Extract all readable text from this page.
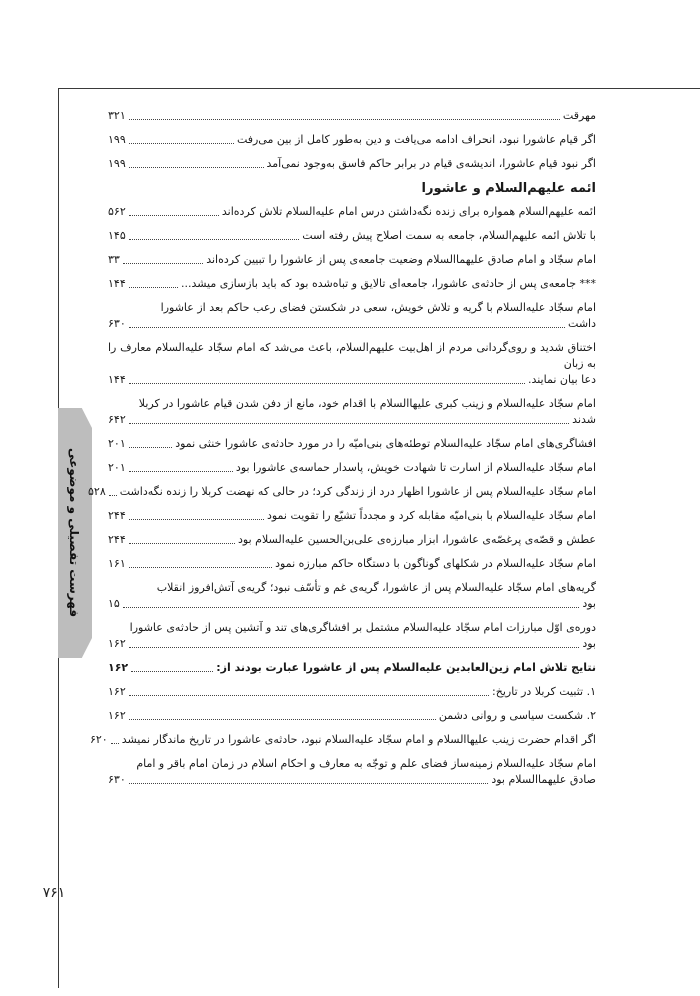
فهرست تفصیلی و موضوعی
۷۶۱
مهرقت
۳۲۱
اگر قیام عاشورا نبود، انحراف ادامه می‌یافت و دین به‌طور کامل از بین می‌رفت
۱۹۹
اگر نبود قیام عاشورا، اندیشه‌ی قیام در برابر حاکم فاسق به‌وجود نمی‌آمد
۱۹۹
ائمه علیهم‌السلام و عاشورا
ائمه علیهم‌السلام همواره برای زنده نگه‌داشتن درس امام علیه‌السلام تلاش کرده‌اند
۵۶۲
با تلاش ائمه علیهم‌السلام، جامعه به سمت اصلاح پیش رفته است
۱۴۵
امام سجّاد و امام صادق علیهماالسلام وضعیت جامعه‌ی پس از عاشورا را تبیین کرده‌اند
۳۳
*** جامعه‌ی پس از حادثه‌ی عاشورا، جامعه‌ای تالایق و تباه‌شده بود که باید بازسازی میشد...
۱۴۴
امام سجّاد علیه‌السلام با گریه و تلاش خویش، سعی در شکستن فضای رعب حاکم بعد از عاشورا
داشت
۶۳۰
اختناق شدید و روی‌گردانی مردم از اهل‌بیت علیهم‌السلام، باعث می‌شد که امام سجّاد علیه‌السلام معارف را به زبان
دعا بیان نمایند.
۱۴۴
امام سجّاد علیه‌السلام و زینب کبری علیهاالسلام با اقدام خود، مانع از دفن شدن قیام عاشورا در کربلا
شدند
۶۴۲
افشاگری‌های امام سجّاد علیه‌السلام توطئه‌های بنی‌امیّه را در مورد حادثه‌ی عاشورا خنثی نمود
۲۰۱
امام سجّاد علیه‌السلام از اسارت تا شهادت خویش، پاسدار حماسه‌ی عاشورا بود
۲۰۱
امام سجّاد علیه‌السلام پس از عاشورا اظهار درد از زندگی کرد؛ در حالی که نهضت کربلا را زنده نگه‌داشت
۵۲۸
امام سجّاد علیه‌السلام با بنی‌امیّه مقابله کرد و مجدداً تشیّع را تقویت نمود
۲۴۴
عطش و قصّه‌ی پرغصّه‌ی عاشورا، ابزار مبارزه‌ی علی‌بن‌الحسین علیه‌السلام بود
۲۴۴
امام سجّاد علیه‌السلام در شکلهای گوناگون با دستگاه حاکم مبارزه نمود
۱۶۱
گریه‌های امام سجّاد علیه‌السلام پس از عاشورا، گریه‌ی غم و تأسّف نبود؛ گریه‌ی آتش‌افروز انقلاب
بود
۱۵
دوره‌ی اوّل مبارزات امام سجّاد علیه‌السلام مشتمل بر افشاگری‌های تند و آتشین پس از حادثه‌ی عاشورا
بود
۱۶۲
نتایج تلاش امام زین‌العابدین علیه‌السلام پس از عاشورا عبارت بودند از:
۱۶۲
۱. تثبیت کربلا در تاریخ:
۱۶۲
۲. شکست سیاسی و روانی دشمن
۱۶۲
اگر اقدام حضرت زینب علیهاالسلام و امام سجّاد علیه‌السلام نبود، حادثه‌ی عاشورا در تاریخ ماندگار نمیشد
۶۲۰
امام سجّاد علیه‌السلام زمینه‌ساز فضای علم و توجّه به معارف و احکام اسلام در زمان امام باقر و امام
صادق علیهماالسلام بود
۶۳۰
